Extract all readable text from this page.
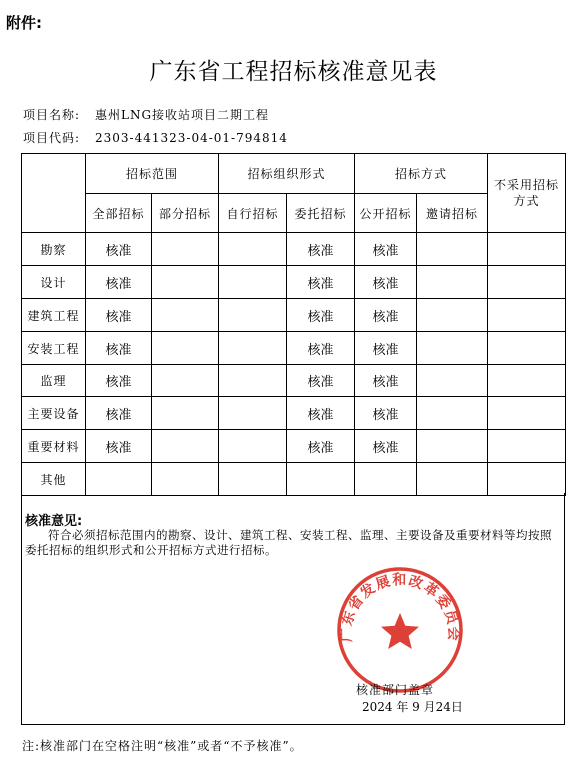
附件:
广东省工程招标核准意见表
项目名称: 惠州LNG接收站项目二期工程
项目代码: 2303-441323-04-01-794814
	招标范围		招标组织形式		招标方式		不采用招标方式
	全部招标	部分招标	自行招标	委托招标	公开招标	邀请招标	
勘察	核准			核准	核准		
设计	核准			核准	核准		
建筑工程	核准			核准	核准		
安装工程	核准			核准	核准		
监理	核准			核准	核准		
主要设备	核准			核准	核准		
重要材料	核准			核准	核准		
其他							
核准意见:
符合必须招标范围内的勘察、设计、建筑工程、安装工程、监理、主要设备及重要材料等均按照委托招标的组织形式和公开招标方式进行招标。
广东省发展和改革委员会
核准部门盖章
2024 年 9 月24日
注:核准部门在空格注明“核准”或者“不予核准”。
